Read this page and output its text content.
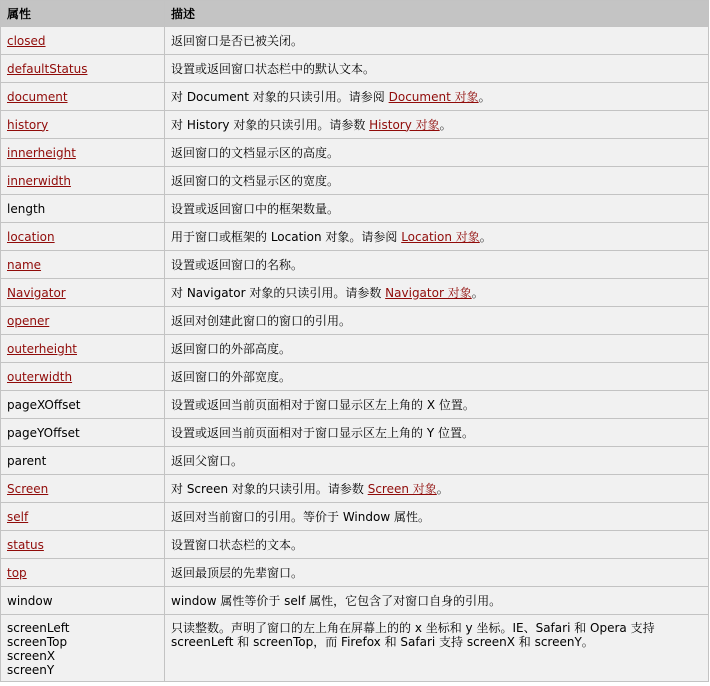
属性	描述
closed	返回窗口是否已被关闭。
defaultStatus	设置或返回窗口状态栏中的默认文本。
document	对 Document 对象的只读引用。请参阅 Document 对象。
history	对 History 对象的只读引用。请参数 History 对象。
innerheight	返回窗口的文档显示区的高度。
innerwidth	返回窗口的文档显示区的宽度。
length	设置或返回窗口中的框架数量。
location	用于窗口或框架的 Location 对象。请参阅 Location 对象。
name	设置或返回窗口的名称。
Navigator	对 Navigator 对象的只读引用。请参数 Navigator 对象。
opener	返回对创建此窗口的窗口的引用。
outerheight	返回窗口的外部高度。
outerwidth	返回窗口的外部宽度。
pageXOffset	设置或返回当前页面相对于窗口显示区左上角的 X 位置。
pageYOffset	设置或返回当前页面相对于窗口显示区左上角的 Y 位置。
parent	返回父窗口。
Screen	对 Screen 对象的只读引用。请参数 Screen 对象。
self	返回对当前窗口的引用。等价于 Window 属性。
status	设置窗口状态栏的文本。
top	返回最顶层的先辈窗口。
window	window 属性等价于 self 属性，它包含了对窗口自身的引用。

screenLeft
screenTop
screenX
screenY	只读整数。声明了窗口的左上角在屏幕上的的 x 坐标和 y 坐标。IE、Safari 和 Opera 支持 screenLeft 和 screenTop，而 Firefox 和 Safari 支持 screenX 和 screenY。
